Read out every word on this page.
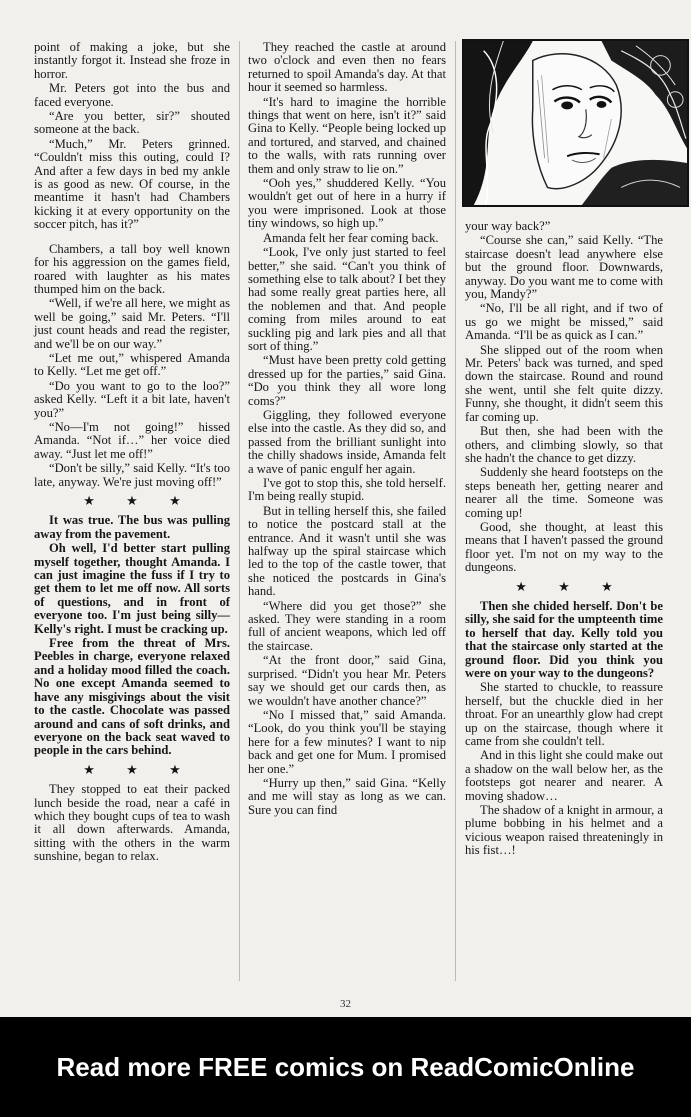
point of making a joke, but she instantly forgot it. Instead she froze in horror.

Mr. Peters got into the bus and faced everyone.

“Are you better, sir?” shouted someone at the back.

“Much,” Mr. Peters grinned. “Couldn't miss this outing, could I? And after a few days in bed my ankle is as good as new. Of course, in the meantime it hasn't had Chambers kicking it at every opportunity on the soccer pitch, has it?”

Chambers, a tall boy well known for his aggression on the games field, roared with laughter as his mates thumped him on the back.

“Well, if we're all here, we might as well be going,” said Mr. Peters. “I'll just count heads and read the register, and we'll be on our way.”

“Let me out,” whispered Amanda to Kelly. “Let me get off.”

“Do you want to go to the loo?” asked Kelly. “Left it a bit late, haven't you?”

“No—I'm not going!” hissed Amanda. “Not if…” her voice died away. “Just let me off!”

“Don't be silly,” said Kelly. “It's too late, anyway. We're just moving off!”

★ ★ ★

It was true. The bus was pulling away from the pavement.

Oh well, I'd better start pulling myself together, thought Amanda. I can just imagine the fuss if I try to get them to let me off now. All sorts of questions, and in front of everyone too. I'm just being silly—Kelly's right. I must be cracking up.

Free from the threat of Mrs. Peebles in charge, everyone relaxed and a holiday mood filled the coach. No one except Amanda seemed to have any misgivings about the visit to the castle. Chocolate was passed around and cans of soft drinks, and everyone on the back seat waved to people in the cars behind.

★ ★ ★

They stopped to eat their packed lunch beside the road, near a café in which they bought cups of tea to wash it all down afterwards. Amanda, sitting with the others in the warm sunshine, began to relax.

They reached the castle at around two o'clock and even then no fears returned to spoil Amanda's day. At that hour it seemed so harmless.

“It's hard to imagine the horrible things that went on here, isn't it?” said Gina to Kelly. “People being locked up and tortured, and starved, and chained to the walls, with rats running over them and only straw to lie on.”

“Ooh yes,” shuddered Kelly. “You wouldn't get out of here in a hurry if you were imprisoned. Look at those tiny windows, so high up.”

Amanda felt her fear coming back.

“Look, I've only just started to feel better,” she said. “Can't you think of something else to talk about? I bet they had some really great parties here, all the noblemen and that. And people coming from miles around to eat suckling pig and lark pies and all that sort of thing.”

“Must have been pretty cold getting dressed up for the parties,” said Gina. “Do you think they all wore long coms?”

Giggling, they followed everyone else into the castle. As they did so, and passed from the brilliant sunlight into the chilly shadows inside, Amanda felt a wave of panic engulf her again.

I've got to stop this, she told herself. I'm being really stupid.

But in telling herself this, she failed to notice the postcard stall at the entrance. And it wasn't until she was halfway up the spiral staircase which led to the top of the castle tower, that she noticed the postcards in Gina's hand.

“Where did you get those?” she asked. They were standing in a room full of ancient weapons, which led off the staircase.

“At the front door,” said Gina, surprised. “Didn't you hear Mr. Peters say we should get our cards then, as we wouldn't have another chance?”

“No I missed that,” said Amanda. “Look, do you think you'll be staying here for a few minutes? I want to nip back and get one for Mum. I promised her one.”

“Hurry up then,” said Gina. “Kelly and me will stay as long as we can. Sure you can find

your way back?”

“Course she can,” said Kelly. “The staircase doesn't lead anywhere else but the ground floor. Downwards, anyway. Do you want me to come with you, Mandy?”

“No, I'll be all right, and if two of us go we might be missed,” said Amanda. “I'll be as quick as I can.”

She slipped out of the room when Mr. Peters' back was turned, and sped down the staircase. Round and round she went, until she felt quite dizzy. Funny, she thought, it didn't seem this far coming up.

But then, she had been with the others, and climbing slowly, so that she hadn't the chance to get dizzy.

Suddenly she heard footsteps on the steps beneath her, getting nearer and nearer all the time. Someone was coming up!

Good, she thought, at least this means that I haven't passed the ground floor yet. I'm not on my way to the dungeons.

★ ★ ★

Then she chided herself. Don't be silly, she said for the umpteenth time to herself that day. Kelly told you that the staircase only started at the ground floor. Did you think you were on your way to the dungeons?

She started to chuckle, to reassure herself, but the chuckle died in her throat. For an unearthly glow had crept up on the staircase, though where it came from she couldn't tell.

And in this light she could make out a shadow on the wall below her, as the footsteps got nearer and nearer. A moving shadow…

The shadow of a knight in armour, a plume bobbing in his helmet and a vicious weapon raised threateningly in his fist…!

32
Read more FREE comics on ReadComicOnline
